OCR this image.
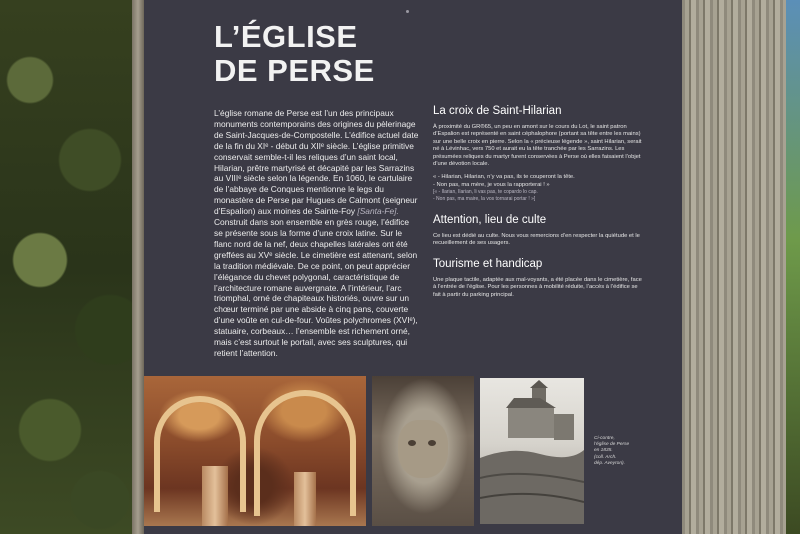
L’ÉGLISE
DE PERSE

L’église romane de Perse est l’un des principaux monuments contemporains des origines du pèlerinage de Saint-Jacques-de-Compostelle. L’édifice actuel date de la fin du XIᵉ - début du XIIᵉ siècle. L’église primitive conservait semble-t-il les reliques d’un saint local, Hilarian, prêtre martyrisé et décapité par les Sarrazins au VIIIᵉ siècle selon la légende. En 1060, le cartulaire de l’abbaye de Conques mentionne le legs du monastère de Perse par Hugues de Calmont (seigneur d’Espalion) aux moines de Sainte-Foy [Santa-Fe].
Construit dans son ensemble en grès rouge, l’édifice se présente sous la forme d’une croix latine. Sur le flanc nord de la nef, deux chapelles latérales ont été greffées au XVᵉ siècle. Le cimetière est attenant, selon la tradition médiévale. De ce point, on peut apprécier l’élégance du chevet polygonal, caractéristique de l’architecture romane auvergnate. A l’intérieur, l’arc triomphal, orné de chapiteaux historiés, ouvre sur un chœur terminé par une abside à cinq pans, couverte d’une voûte en cul-de-four. Voûtes polychromes (XVIᵉ), statuaire, corbeaux… l’ensemble est richement orné, mais c’est surtout le portail, avec ses sculptures, qui retient l’attention.

La croix de Saint-Hilarian

À proximité du GR®65, un peu en amont sur le cours du Lot, le saint patron d’Espalion est représenté en saint céphalophore (portant sa tête entre les mains) sur une belle croix en pierre. Selon la « précieuse légende », saint Hilarian, serait né à Lévinhac, vers 750 et aurait eu la tête tranchée par les Sarrazins. Les présumées reliques du martyr furent conservées à Perse où elles faisaient l’objet d’une dévotion locale.

« - Hilarian, Hilarian, n’y va pas, ils te couperont la tête.
- Non pas, ma mère, je vous la rapporterai ! »
[« - Ilarian, Ilarian, li vas pas, te copardo lo cap.
- Non pas, ma maire, la vos tornarai portar ! »]

Attention, lieu de culte

Ce lieu est dédié au culte. Nous vous remercions d’en respecter la quiétude et le recueillement de ses usagers.

Tourisme et handicap

Une plaque tactile, adaptée aux mal-voyants, a été placée dans le cimetière, face à l’entrée de l’église. Pour les personnes à mobilité réduite, l’accès à l’édifice se fait à partir du parking principal.

Ci-contre,
l’église de Perse
en 1835.
(coll. Arch.
dép. Aveyron).
